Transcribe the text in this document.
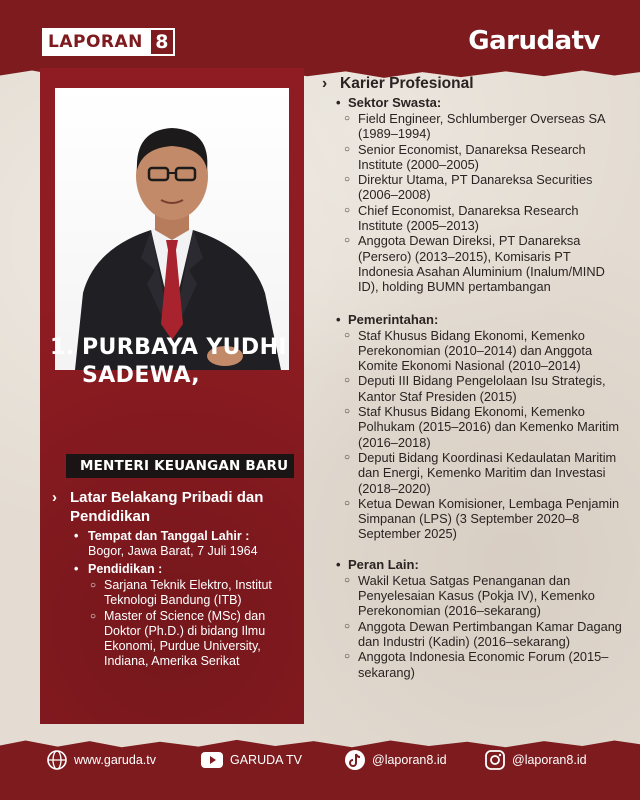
LAPORAN 8	Garudatv
1. PURBAYA YUDHI
SADEWA,
MENTERI KEUANGAN BARU
› Latar Belakang Pribadi dan Pendidikan
• Tempat dan Tanggal Lahir :
Bogor, Jawa Barat, 7 Juli 1964
• Pendidikan :
○ Sarjana Teknik Elektro, Institut Teknologi Bandung (ITB)
○ Master of Science (MSc) dan Doktor (Ph.D.) di bidang Ilmu Ekonomi, Purdue University, Indiana, Amerika Serikat
› Karier Profesional
• Sektor Swasta:
○ Field Engineer, Schlumberger Overseas SA (1989–1994)
○ Senior Economist, Danareksa Research Institute (2000–2005)
○ Direktur Utama, PT Danareksa Securities (2006–2008)
○ Chief Economist, Danareksa Research Institute (2005–2013)
○ Anggota Dewan Direksi, PT Danareksa (Persero) (2013–2015), Komisaris PT Indonesia Asahan Aluminium (Inalum/MIND ID), holding BUMN pertambangan
• Pemerintahan:
○ Staf Khusus Bidang Ekonomi, Kemenko Perekonomian (2010–2014) dan Anggota Komite Ekonomi Nasional (2010–2014)
○ Deputi III Bidang Pengelolaan Isu Strategis, Kantor Staf Presiden (2015)
○ Staf Khusus Bidang Ekonomi, Kemenko Polhukam (2015–2016) dan Kemenko Maritim (2016–2018)
○ Deputi Bidang Koordinasi Kedaulatan Maritim dan Energi, Kemenko Maritim dan Investasi (2018–2020)
○ Ketua Dewan Komisioner, Lembaga Penjamin Simpanan (LPS) (3 September 2020–8 September 2025)
• Peran Lain:
○ Wakil Ketua Satgas Penanganan dan Penyelesaian Kasus (Pokja IV), Kemenko Perekonomian (2016–sekarang)
○ Anggota Dewan Pertimbangan Kamar Dagang dan Industri (Kadin) (2016–sekarang)
○ Anggota Indonesia Economic Forum (2015–sekarang)
www.garuda.tv	GARUDA TV	@laporan8.id	@laporan8.id
